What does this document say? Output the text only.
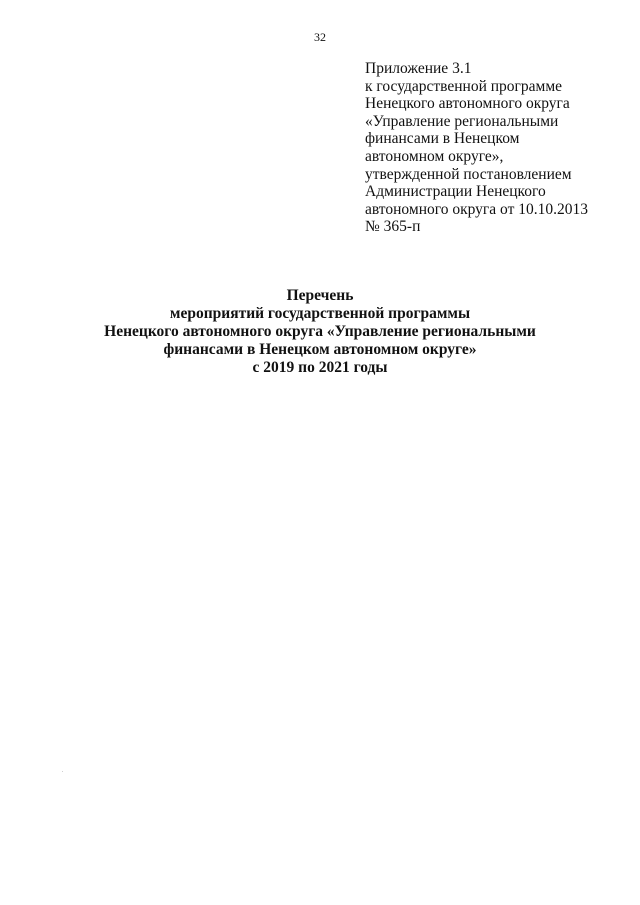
32
Приложение 3.1
к государственной программе
Ненецкого автономного округа
«Управление региональными
финансами в Ненецком
автономном округе»,
утвержденной постановлением
Администрации Ненецкого
автономного округа от 10.10.2013
№ 365-п
Перечень
мероприятий государственной программы
Ненецкого автономного округа «Управление региональными
финансами в Ненецком автономном округе»
с 2019 по 2021 годы
